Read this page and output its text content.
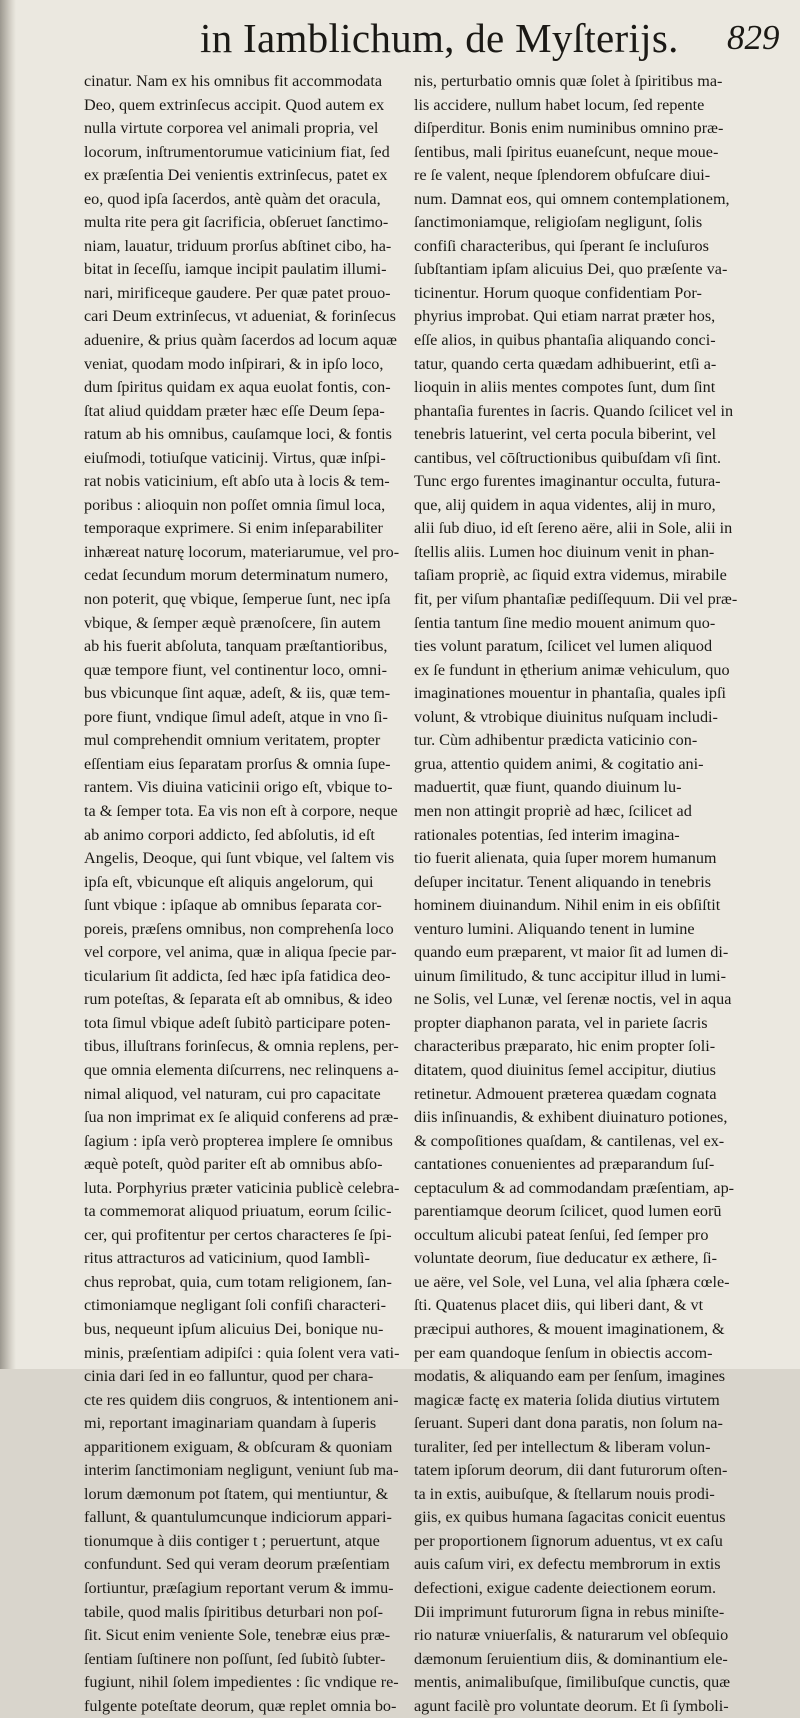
in Iamblichum, de Myſterijs. 829
cinatur. Nam ex his omnibus fit accommodata
Deo, quem extrinſecus accipit. Quod autem ex
nulla virtute corporea vel animali propria, vel
locorum, inſtrumentorumue vaticinium fiat, ſed
ex præſentia Dei venientis extrinſecus, patet ex
eo, quod ipſa ſacerdos, antè quàm det oracula,
multa rite pera git ſacrificia, obſeruet ſanctimo-
niam, lauatur, triduum prorſus abſtinet cibo, ha-
bitat in ſeceſſu, iamque incipit paulatim illumi-
nari, mirificeque gaudere. Per quæ patet prouo-
cari Deum extrinſecus, vt adueniat, & forinſecus
aduenire, & prius quàm ſacerdos ad locum aquæ
veniat, quodam modo inſpirari, & in ipſo loco,
dum ſpiritus quidam ex aqua euolat fontis, con-
ſtat aliud quiddam præter hæc eſſe Deum ſepa-
ratum ab his omnibus, cauſamque loci, & fontis
eiuſmodi, totiuſque vaticinij. Virtus, quæ inſpi-
rat nobis vaticinium, eſt abſo uta à locis & tem-
poribus : alioquin non poſſet omnia ſimul loca,
temporaque exprimere. Si enim inſeparabiliter
inhæreat naturę locorum, materiarumue, vel pro-
cedat ſecundum morum determinatum numero,
non poterit, quę vbique, ſemperue ſunt, nec ipſa
vbique, & ſemper æquè prænoſcere, ſin autem
ab his fuerit abſoluta, tanquam præſtantioribus,
quæ tempore fiunt, vel continentur loco, omni-
bus vbicunque ſint aquæ, adeſt, & iis, quæ tem-
pore fiunt, vndique ſimul adeſt, atque in vno ſi-
mul comprehendit omnium veritatem, propter
eſſentiam eius ſeparatam prorſus & omnia ſupe-
rantem. Vis diuina vaticinii origo eſt, vbique to-
ta & ſemper tota. Ea vis non eſt à corpore, neque
ab animo corpori addicto, ſed abſolutis, id eſt
Angelis, Deoque, qui ſunt vbique, vel ſaltem vis
ipſa eſt, vbicunque eſt aliquis angelorum, qui
ſunt vbique : ipſaque ab omnibus ſeparata cor-
poreis, præſens omnibus, non comprehenſa loco
vel corpore, vel anima, quæ in aliqua ſpecie par-
ticularium ſit addicta, ſed hæc ipſa fatidica deo-
rum poteſtas, & ſeparata eſt ab omnibus, & ideo
tota ſimul vbique adeſt ſubitò participare poten-
tibus, illuſtrans forinſecus, & omnia replens, per-
que omnia elementa diſcurrens, nec relinquens a-
nimal aliquod, vel naturam, cui pro capacitate
ſua non imprimat ex ſe aliquid conferens ad præ-
ſagium : ipſa verò propterea implere ſe omnibus
æquè poteſt, quòd pariter eſt ab omnibus abſo-
luta. Porphyrius præter vaticinia publicè celebra-
ta commemorat aliquod priuatum, eorum ſcilic-
cer, qui profitentur per certos characteres ſe ſpi-
ritus attracturos ad vaticinium, quod Iamblì-
chus reprobat, quia, cum totam religionem, ſan-
ctimoniamque negligant ſoli confiſi characteri-
bus, nequeunt ipſum alicuius Dei, bonique nu-
minis, præſentiam adipiſci : quia ſolent vera vati-
cinia dari ſed in eo falluntur, quod per chara-
cte res quidem diis congruos, & intentionem ani-
mi, reportant imaginariam quandam à ſuperis
apparitionem exiguam, & obſcuram & quoniam
interim ſanctimoniam negligunt, veniunt ſub ma-
lorum dæmonum pot ſtatem, qui mentiuntur, &
fallunt, & quantulumcunque indiciorum appari-
tionumque à diis contiger t ; peruertunt, atque
confundunt. Sed qui veram deorum præſentiam
ſortiuntur, præſagium reportant verum & immu-
tabile, quod malis ſpiritibus deturbari non poſ-
ſit. Sicut enim veniente Sole, tenebræ eius præ-
ſentiam ſuſtinere non poſſunt, ſed ſubitò ſubter-
fugiunt, nihil ſolem impedientes : ſic vndique re-
fulgente poteſtate deorum, quæ replet omnia bo-
nis, perturbatio omnis quæ ſolet à ſpiritibus ma-
lis accidere, nullum habet locum, ſed repente
diſperditur. Bonis enim numinibus omnino præ-
ſentibus, mali ſpiritus euaneſcunt, neque moue-
re ſe valent, neque ſplendorem obfuſcare diui-
num. Damnat eos, qui omnem contemplationem,
ſanctimoniamque, religioſam negligunt, ſolis
confiſi characteribus, qui ſperant ſe incluſuros
ſubſtantiam ipſam alicuius Dei, quo præſente va-
ticinentur. Horum quoque confidentiam Por-
phyrius improbat. Qui etiam narrat præter hos,
eſſe alios, in quibus phantaſia aliquando conci-
tatur, quando certa quædam adhibuerint, etſi a-
lioquin in aliis mentes compotes ſunt, dum ſint
phantaſia furentes in ſacris. Quando ſcilicet vel in
tenebris latuerint, vel certa pocula biberint, vel
cantibus, vel cōſtructionibus quibuſdam vſi ſint.
Tunc ergo furentes imaginantur occulta, futura-
que, alij quidem in aqua videntes, alij in muro,
alii ſub diuo, id eſt ſereno aëre, alii in Sole, alii in
ſtellis aliis. Lumen hoc diuinum venit in phan-
taſiam propriè, ac ſiquid extra videmus, mirabile
fit, per viſum phantaſiæ pediſſequum. Dii vel præ-
ſentia tantum ſine medio mouent animum quo-
ties volunt paratum, ſcilicet vel lumen aliquod
ex ſe fundunt in ętherium animæ vehiculum, quo
imaginationes mouentur in phantaſia, quales ipſi
volunt, & vtrobique diuinitus nuſquam includi-
tur. Cùm adhibentur prædicta vaticinio con-
grua, attentio quidem animi, & cogitatio ani-
maduertit, quæ fiunt, quando diuinum lu-
men non attingit propriè ad hæc, ſcilicet ad
rationales potentias, ſed interim imagina-
tio fuerit alienata, quia ſuper morem humanum
deſuper incitatur. Tenent aliquando in tenebris
hominem diuinandum. Nihil enim in eis obſiſtit
venturo lumini. Aliquando tenent in lumine
quando eum præparent, vt maior ſit ad lumen di-
uinum ſimilitudo, & tunc accipitur illud in lumi-
ne Solis, vel Lunæ, vel ſerenæ noctis, vel in aqua
propter diaphanon parata, vel in pariete ſacris
characteribus præparato, hic enim propter ſoli-
ditatem, quod diuinitus ſemel accipitur, diutius
retinetur. Admouent præterea quædam cognata
diis inſinuandis, & exhibent diuinaturo potiones,
& compoſitiones quaſdam, & cantilenas, vel ex-
cantationes conuenientes ad præparandum ſuſ-
ceptaculum & ad commodandam præſentiam, ap-
parentiamque deorum ſcilicet, quod lumen eorū
occultum alicubi pateat ſenſui, ſed ſemper pro
voluntate deorum, ſiue deducatur ex æthere, ſi-
ue aëre, vel Sole, vel Luna, vel alia ſphæra cœle-
ſti. Quatenus placet diis, qui liberi dant, & vt
præcipui authores, & mouent imaginationem, &
per eam quandoque ſenſum in obiectis accom-
modatis, & aliquando eam per ſenſum, imagines
magicæ factę ex materia ſolida diutius virtutem
ſeruant. Superi dant dona paratis, non ſolum na-
turaliter, ſed per intellectum & liberam volun-
tatem ipſorum deorum, dii dant futurorum oſten-
ta in extis, auibuſque, & ſtellarum nouis prodi-
giis, ex quibus humana ſagacitas conicit euentus
per proportionem ſignorum aduentus, vt ex caſu
auis caſum viri, ex defectu membrorum in extis
defectioni, exigue cadente deiectionem eorum.
Dii imprimunt futurorum ſigna in rebus miniſte-
rio naturæ vniuerſalis, & naturarum vel obſequio
dæmonum ſeruientium diis, & dominantium ele-
mentis, animalibuſque, ſimilibuſque cunctis, quæ
agunt facilè pro voluntate deorum. Et ſi ſymboli-
